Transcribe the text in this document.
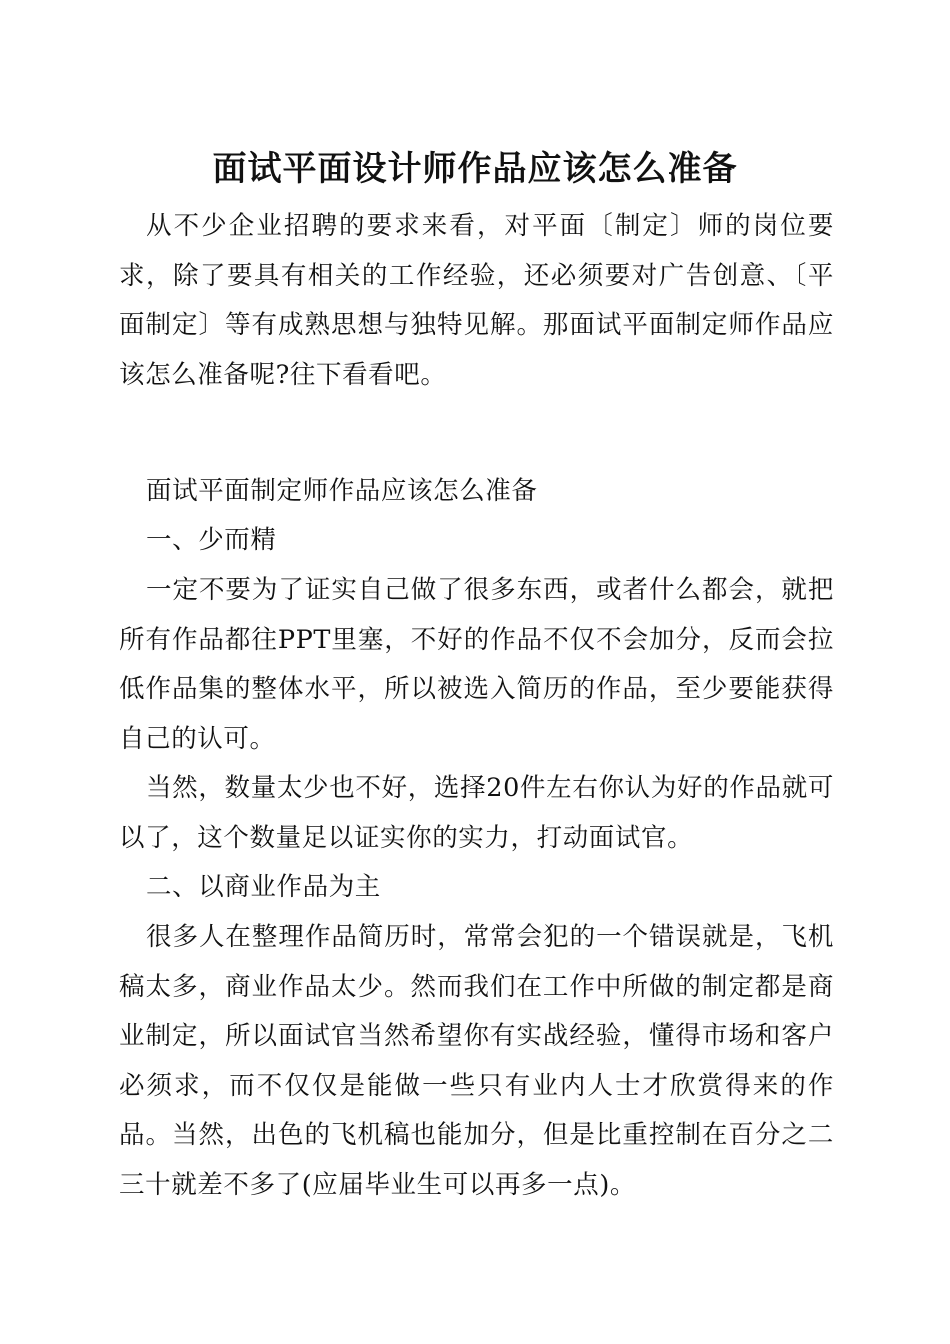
面试平面设计师作品应该怎么准备

从不少企业招聘的要求来看，对平面〔制定〕师的岗位要求，除了要具有相关的工作经验，还必须要对广告创意、〔平面制定〕等有成熟思想与独特见解。那面试平面制定师作品应该怎么准备呢?往下看看吧。

面试平面制定师作品应该怎么准备
一、少而精

一定不要为了证实自己做了很多东西，或者什么都会，就把所有作品都往PPT里塞，不好的作品不仅不会加分，反而会拉低作品集的整体水平，所以被选入简历的作品，至少要能获得自己的认可。

当然，数量太少也不好，选择20件左右你认为好的作品就可以了，这个数量足以证实你的实力，打动面试官。

二、以商业作品为主

很多人在整理作品简历时，常常会犯的一个错误就是，飞机稿太多，商业作品太少。然而我们在工作中所做的制定都是商业制定，所以面试官当然希望你有实战经验，懂得市场和客户必须求，而不仅仅是能做一些只有业内人士才欣赏得来的作品。当然，出色的飞机稿也能加分，但是比重控制在百分之二三十就差不多了(应届毕业生可以再多一点)。
